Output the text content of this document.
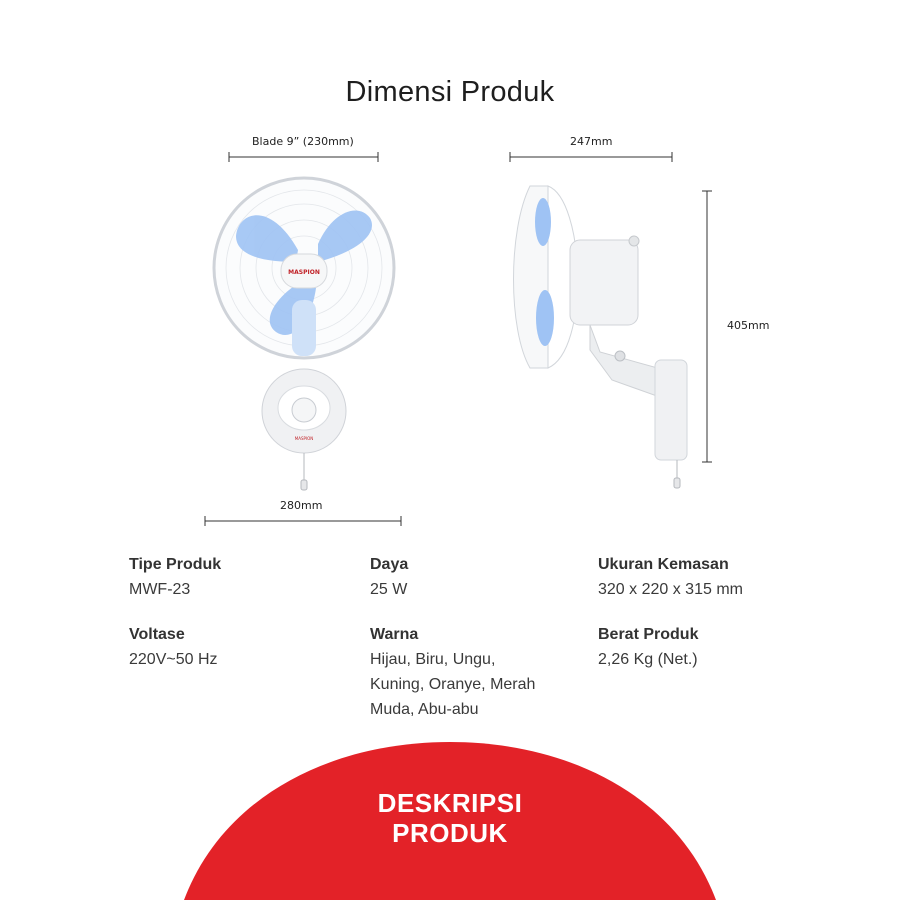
Dimensi Produk
Blade 9” (230mm)
280mm
247mm
405mm
MASPION
MASPION
Tipe Produk
MWF-23
Daya
25 W
Ukuran Kemasan
320 x 220 x 315 mm
Voltase
220V~50 Hz
Warna
Hijau, Biru, Ungu,
Kuning, Oranye, Merah
Muda, Abu-abu
Berat Produk
2,26 Kg (Net.)
DESKRIPSI
PRODUK
